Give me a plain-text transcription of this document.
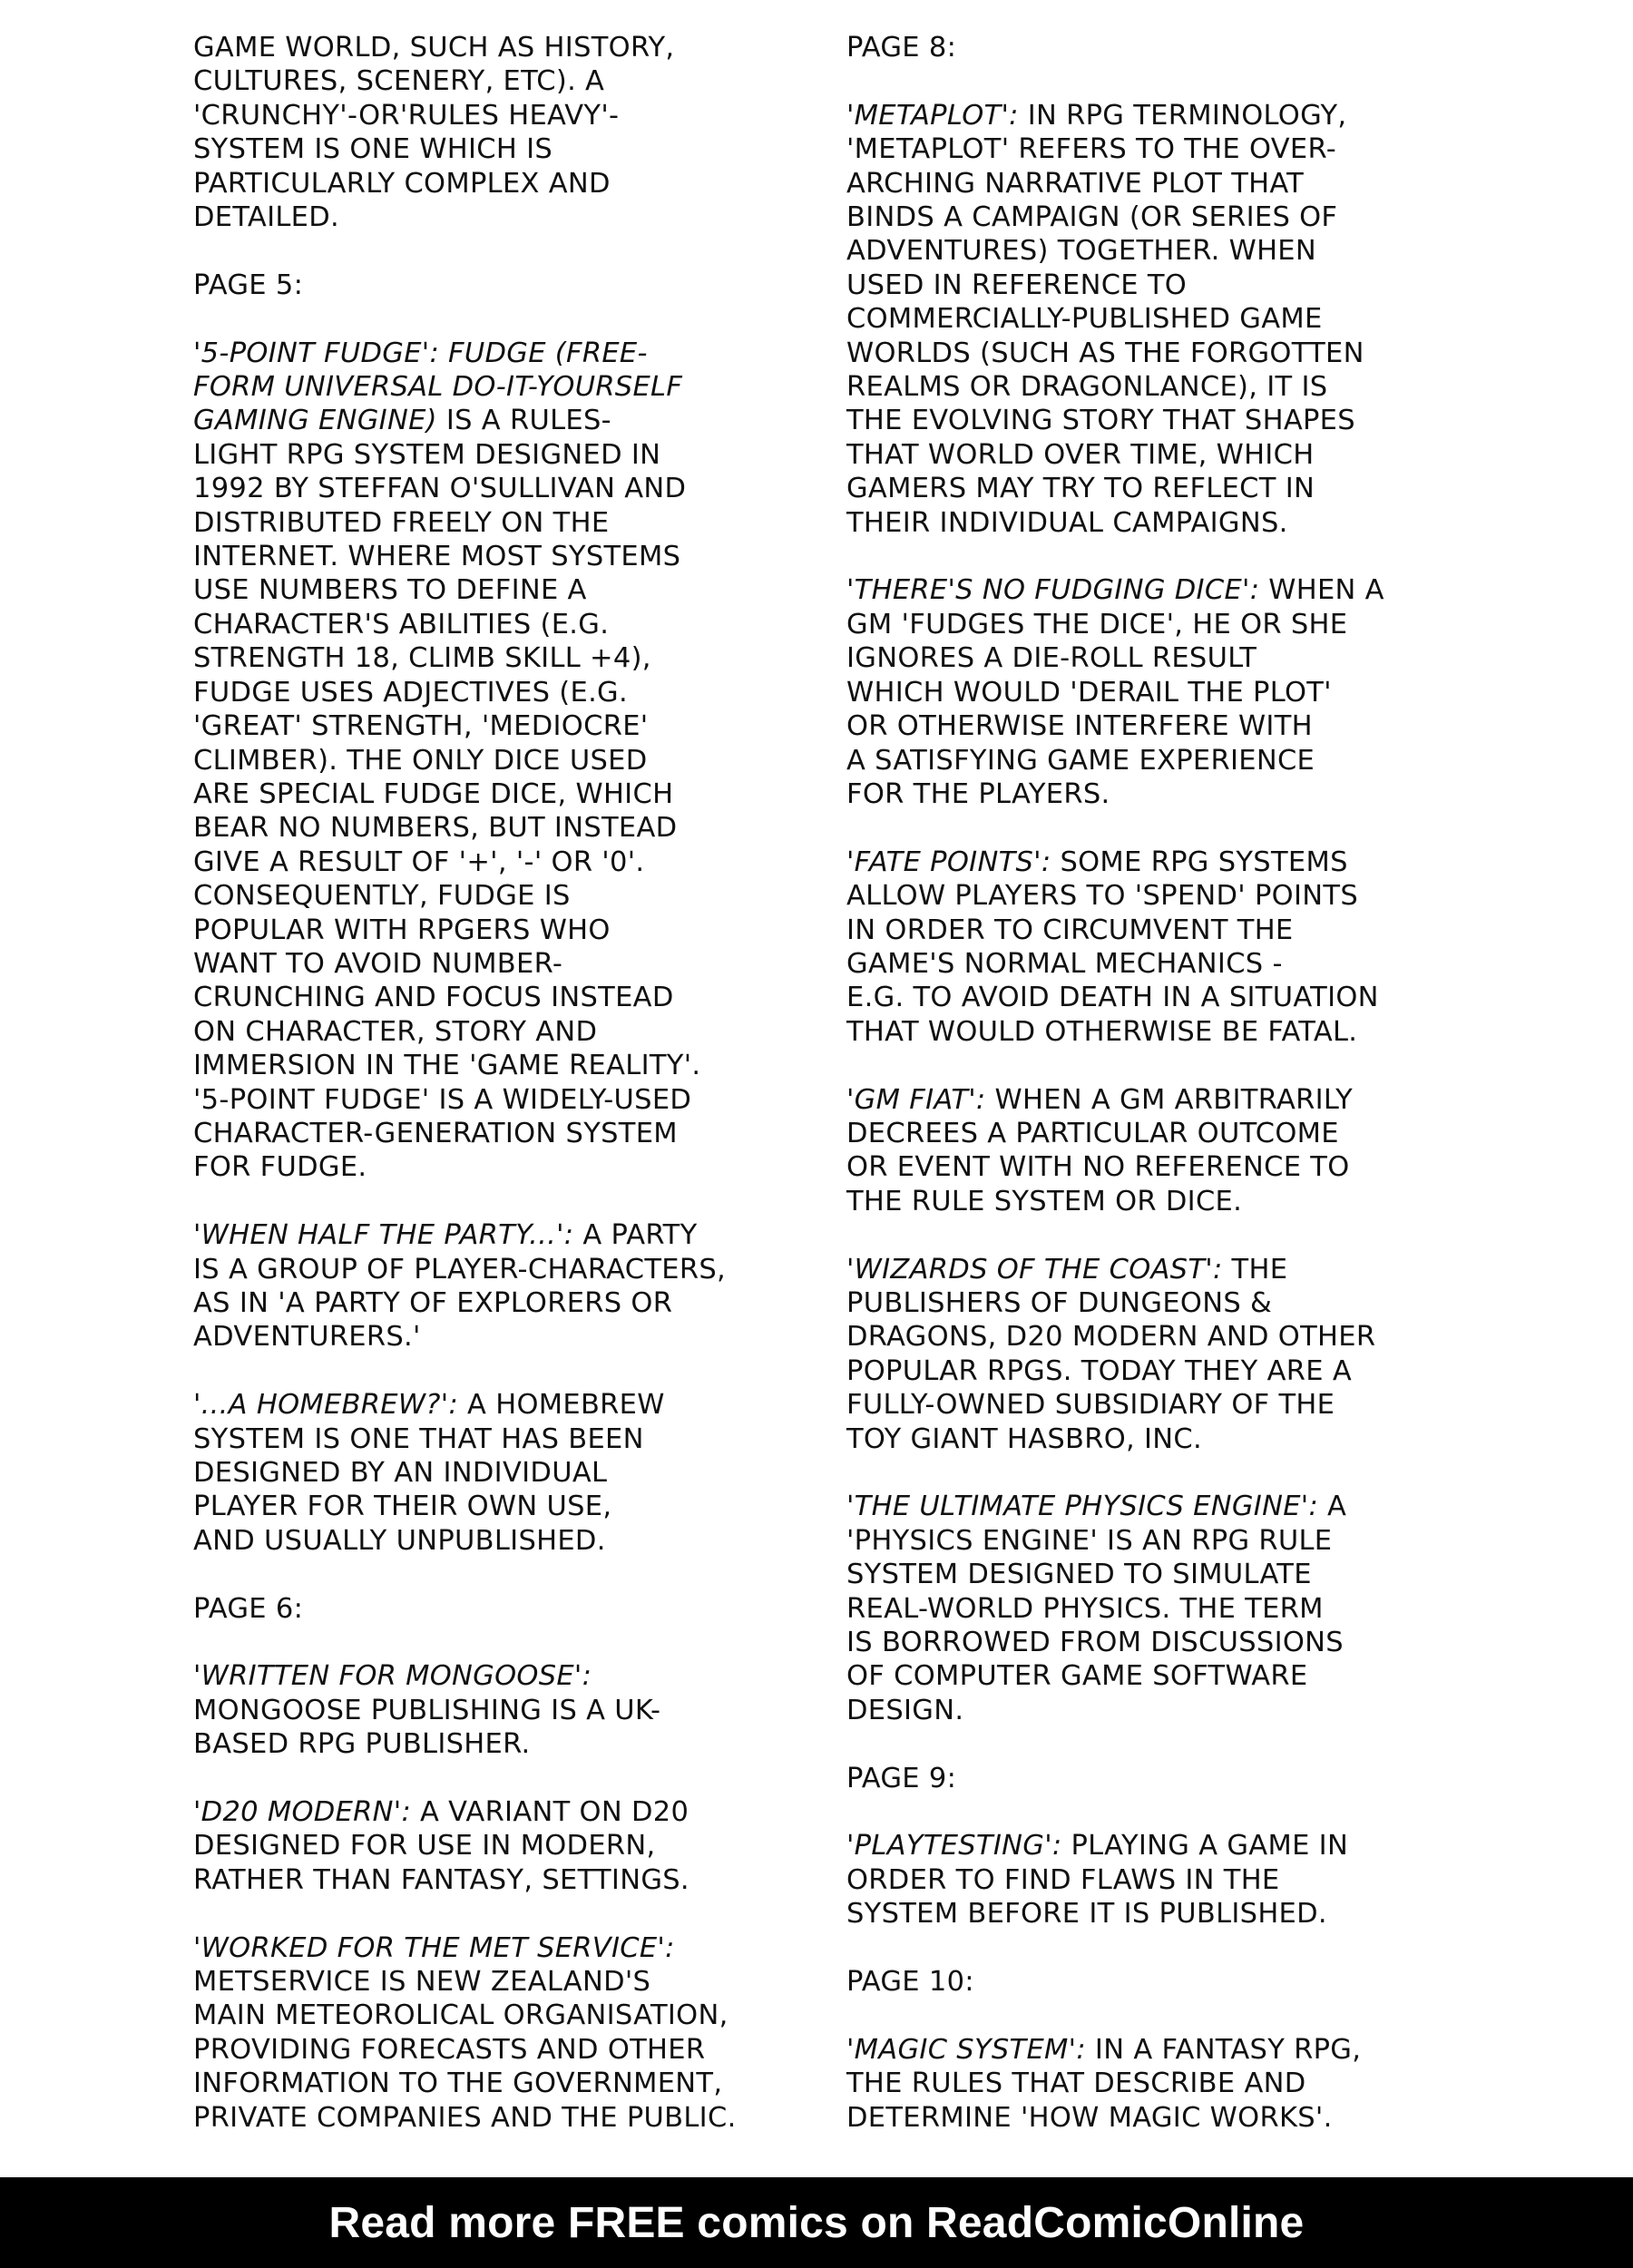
GAME WORLD, SUCH AS HISTORY,
CULTURES, SCENERY, ETC). A
'CRUNCHY'-OR'RULES HEAVY'-
SYSTEM IS ONE WHICH IS
PARTICULARLY COMPLEX AND
DETAILED.
PAGE 5:
'5-POINT FUDGE': FUDGE (FREE-
FORM UNIVERSAL DO-IT-YOURSELF
GAMING ENGINE) IS A RULES-
LIGHT RPG SYSTEM DESIGNED IN
1992 BY STEFFAN O'SULLIVAN AND
DISTRIBUTED FREELY ON THE
INTERNET. WHERE MOST SYSTEMS
USE NUMBERS TO DEFINE A
CHARACTER'S ABILITIES (E.G.
STRENGTH 18, CLIMB SKILL +4),
FUDGE USES ADJECTIVES (E.G.
'GREAT' STRENGTH, 'MEDIOCRE'
CLIMBER). THE ONLY DICE USED
ARE SPECIAL FUDGE DICE, WHICH
BEAR NO NUMBERS, BUT INSTEAD
GIVE A RESULT OF '+', '-' OR '0'.
CONSEQUENTLY, FUDGE IS
POPULAR WITH RPGERS WHO
WANT TO AVOID NUMBER-
CRUNCHING AND FOCUS INSTEAD
ON CHARACTER, STORY AND
IMMERSION IN THE 'GAME REALITY'.
'5-POINT FUDGE' IS A WIDELY-USED
CHARACTER-GENERATION SYSTEM
FOR FUDGE.
'WHEN HALF THE PARTY...': A PARTY
IS A GROUP OF PLAYER-CHARACTERS,
AS IN 'A PARTY OF EXPLORERS OR
ADVENTURERS.'
'...A HOMEBREW?': A HOMEBREW
SYSTEM IS ONE THAT HAS BEEN
DESIGNED BY AN INDIVIDUAL
PLAYER FOR THEIR OWN USE,
AND USUALLY UNPUBLISHED.
PAGE 6:
'WRITTEN FOR MONGOOSE':
MONGOOSE PUBLISHING IS A UK-
BASED RPG PUBLISHER.
'D20 MODERN': A VARIANT ON D20
DESIGNED FOR USE IN MODERN,
RATHER THAN FANTASY, SETTINGS.
'WORKED FOR THE MET SERVICE':
METSERVICE IS NEW ZEALAND'S
MAIN METEOROLICAL ORGANISATION,
PROVIDING FORECASTS AND OTHER
INFORMATION TO THE GOVERNMENT,
PRIVATE COMPANIES AND THE PUBLIC.
PAGE 8:
'METAPLOT': IN RPG TERMINOLOGY,
'METAPLOT' REFERS TO THE OVER-
ARCHING NARRATIVE PLOT THAT
BINDS A CAMPAIGN (OR SERIES OF
ADVENTURES) TOGETHER. WHEN
USED IN REFERENCE TO
COMMERCIALLY-PUBLISHED GAME
WORLDS (SUCH AS THE FORGOTTEN
REALMS OR DRAGONLANCE), IT IS
THE EVOLVING STORY THAT SHAPES
THAT WORLD OVER TIME, WHICH
GAMERS MAY TRY TO REFLECT IN
THEIR INDIVIDUAL CAMPAIGNS.
'THERE'S NO FUDGING DICE': WHEN A
GM 'FUDGES THE DICE', HE OR SHE
IGNORES A DIE-ROLL RESULT
WHICH WOULD 'DERAIL THE PLOT'
OR OTHERWISE INTERFERE WITH
A SATISFYING GAME EXPERIENCE
FOR THE PLAYERS.
'FATE POINTS': SOME RPG SYSTEMS
ALLOW PLAYERS TO 'SPEND' POINTS
IN ORDER TO CIRCUMVENT THE
GAME'S NORMAL MECHANICS -
E.G. TO AVOID DEATH IN A SITUATION
THAT WOULD OTHERWISE BE FATAL.
'GM FIAT': WHEN A GM ARBITRARILY
DECREES A PARTICULAR OUTCOME
OR EVENT WITH NO REFERENCE TO
THE RULE SYSTEM OR DICE.
'WIZARDS OF THE COAST': THE
PUBLISHERS OF DUNGEONS &
DRAGONS, D20 MODERN AND OTHER
POPULAR RPGS. TODAY THEY ARE A
FULLY-OWNED SUBSIDIARY OF THE
TOY GIANT HASBRO, INC.
'THE ULTIMATE PHYSICS ENGINE': A
'PHYSICS ENGINE' IS AN RPG RULE
SYSTEM DESIGNED TO SIMULATE
REAL-WORLD PHYSICS. THE TERM
IS BORROWED FROM DISCUSSIONS
OF COMPUTER GAME SOFTWARE
DESIGN.
PAGE 9:
'PLAYTESTING': PLAYING A GAME IN
ORDER TO FIND FLAWS IN THE
SYSTEM BEFORE IT IS PUBLISHED.
PAGE 10:
'MAGIC SYSTEM': IN A FANTASY RPG,
THE RULES THAT DESCRIBE AND
DETERMINE 'HOW MAGIC WORKS'.
Read more FREE comics on ReadComicOnline
